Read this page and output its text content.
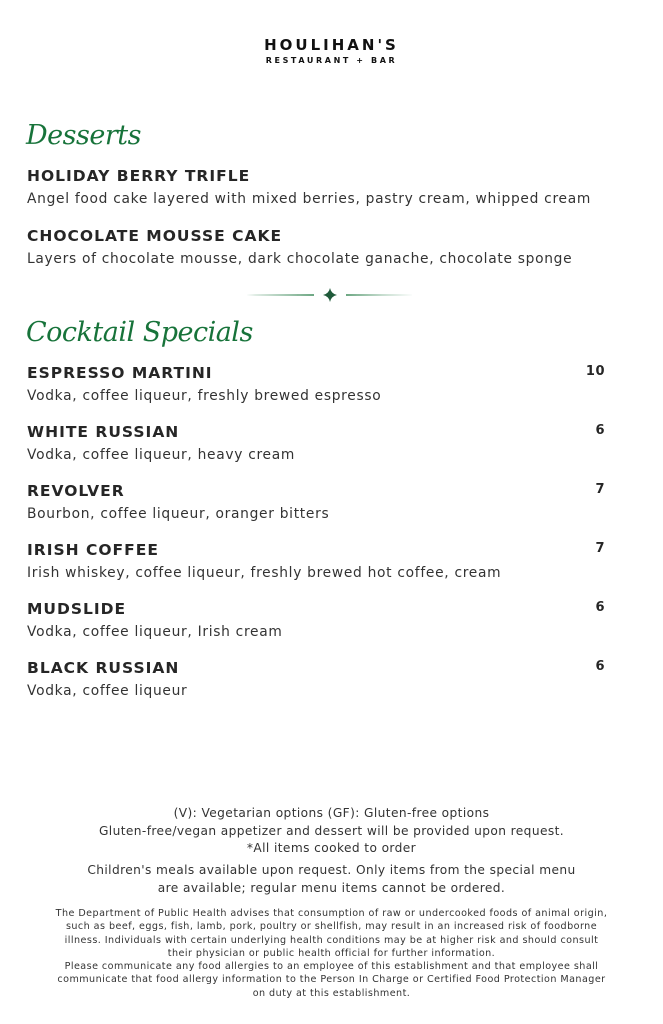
HOULIHAN'S
RESTAURANT + BAR
Desserts
HOLIDAY BERRY TRIFLE
Angel food cake layered with mixed berries, pastry cream, whipped cream
CHOCOLATE MOUSSE CAKE
Layers of chocolate mousse, dark chocolate ganache, chocolate sponge
Cocktail Specials
ESPRESSO MARTINI
Vodka, coffee liqueur, freshly brewed espresso
10
WHITE RUSSIAN
Vodka, coffee liqueur, heavy cream
6
REVOLVER
Bourbon, coffee liqueur, oranger bitters
7
IRISH COFFEE
Irish whiskey, coffee liqueur, freshly brewed hot coffee, cream
7
MUDSLIDE
Vodka, coffee liqueur, Irish cream
6
BLACK RUSSIAN
Vodka, coffee liqueur
6
(V): Vegetarian options (GF): Gluten-free options
Gluten-free/vegan appetizer and dessert will be provided upon request.
*All items cooked to order
Children's meals available upon request. Only items from the special menu
are available; regular menu items cannot be ordered.
The Department of Public Health advises that consumption of raw or undercooked foods of animal origin,
such as beef, eggs, fish, lamb, pork, poultry or shellfish, may result in an increased risk of foodborne
illness. Individuals with certain underlying health conditions may be at higher risk and should consult
their physician or public health official for further information.
Please communicate any food allergies to an employee of this establishment and that employee shall
communicate that food allergy information to the Person In Charge or Certified Food Protection Manager
on duty at this establishment.
